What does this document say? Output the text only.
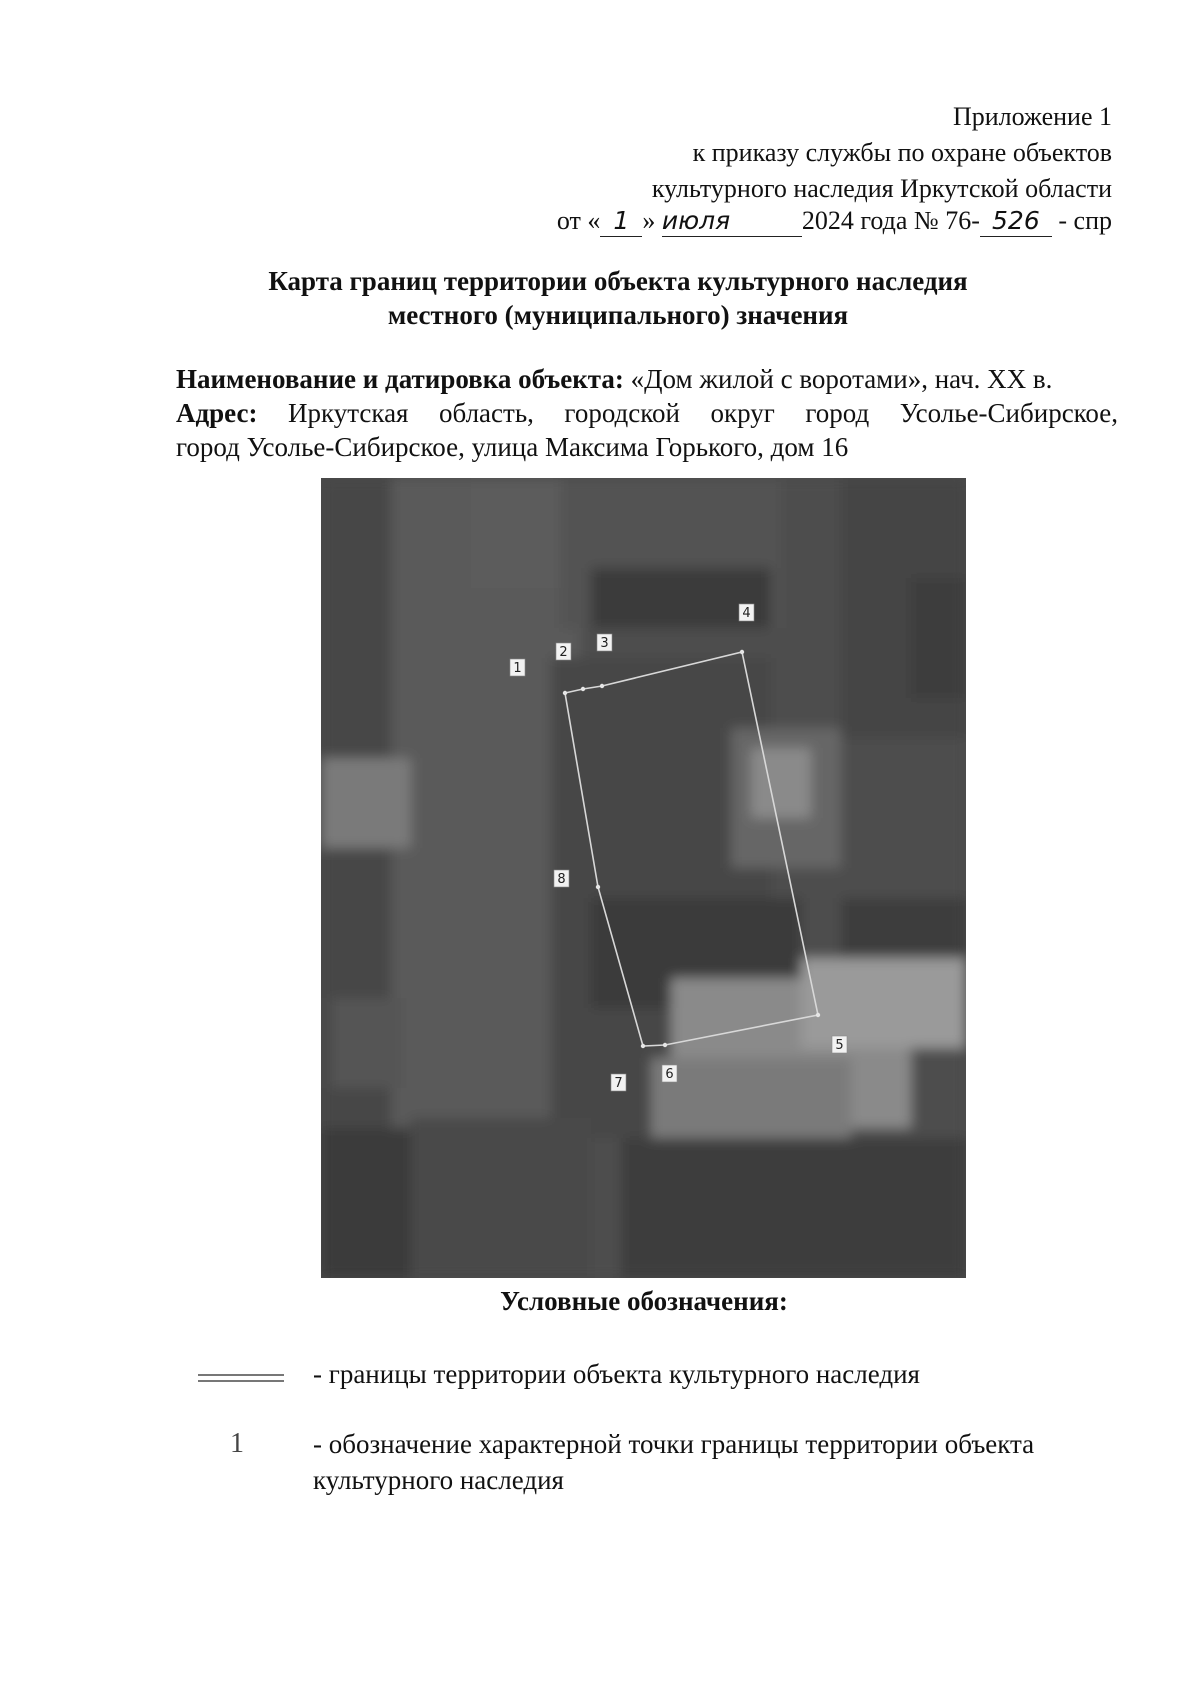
Приложение 1
к приказу службы по охране объектов
культурного наследия Иркутской области
от « 1 » июля	2024 года № 76- 526 - спр
Карта границ территории объекта культурного наследия
местного (муниципального) значения
Наименование и датировка объекта: «Дом жилой с воротами», нач. XX в.
Адрес: Иркутская область, городской округ город Усолье-Сибирское,
город Усолье-Сибирское, улица Максима Горького, дом 16
1
2
3
4
5
6
7
8
Условные обозначения:
- границы территории объекта культурного наследия
1	- обозначение характерной точки границы территории объекта
культурного наследия
